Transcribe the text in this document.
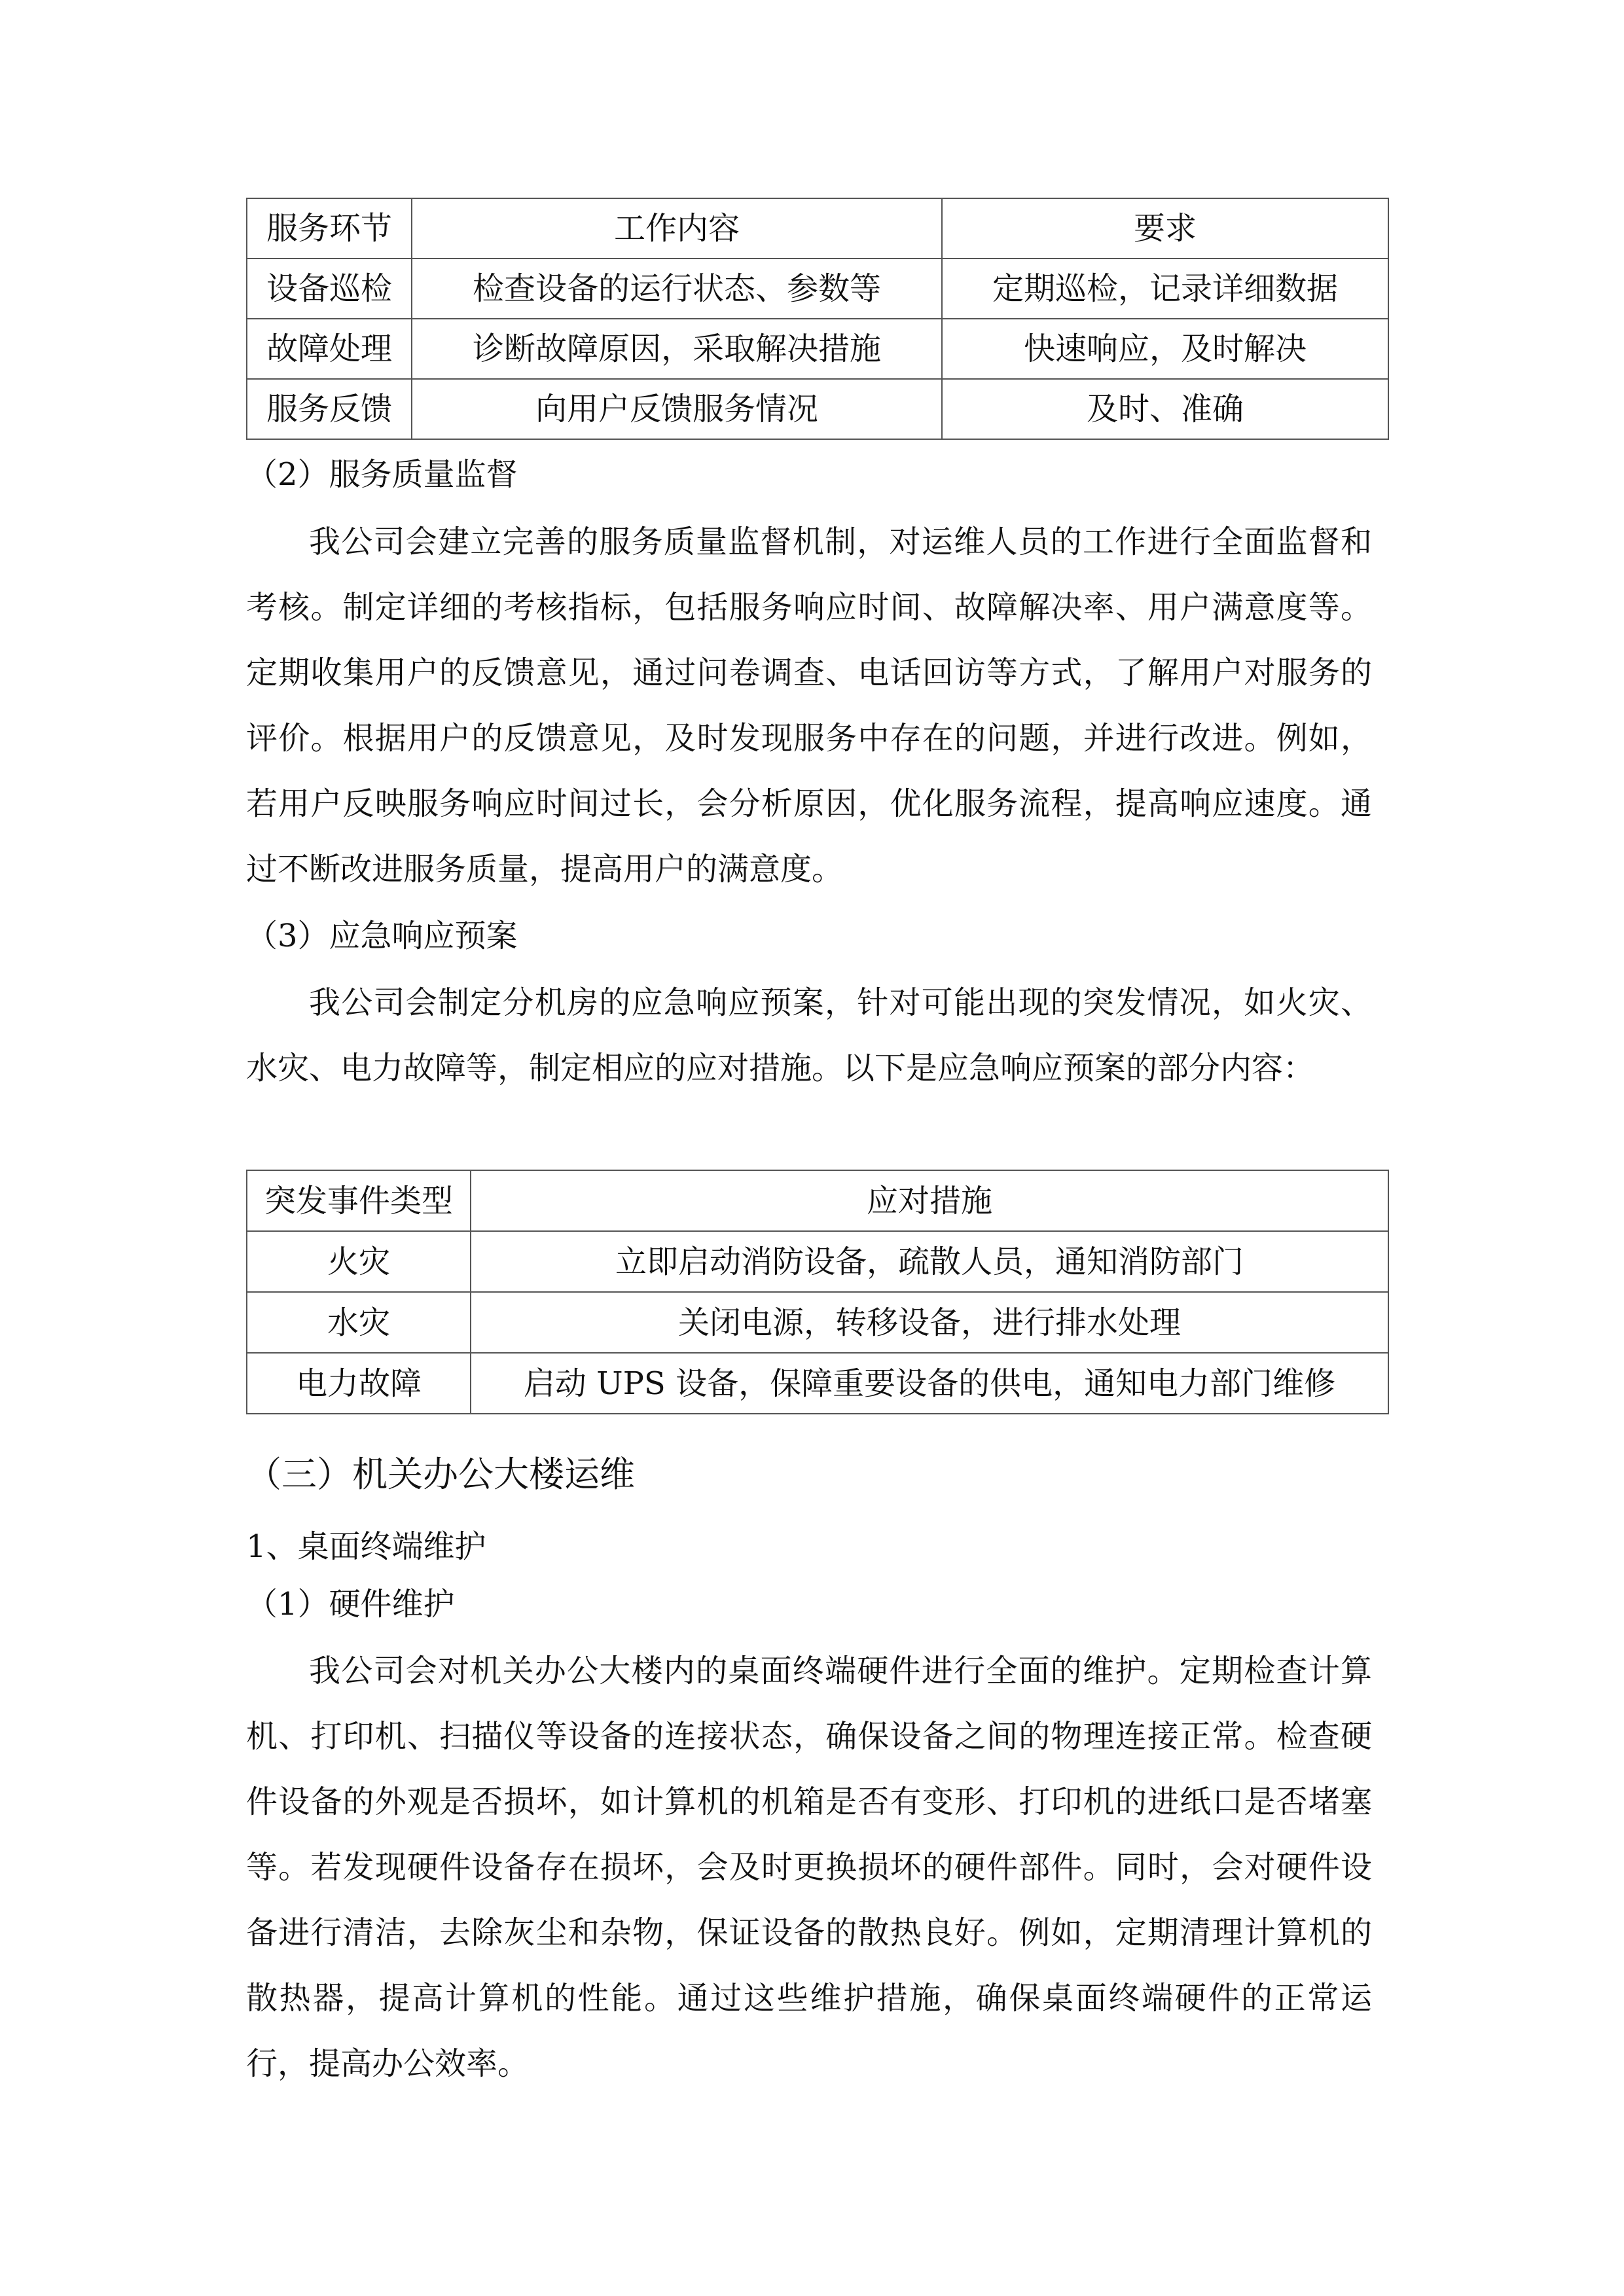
服务环节	工作内容	要求
设备巡检	检查设备的运行状态、参数等	定期巡检，记录详细数据
故障处理	诊断故障原因，采取解决措施	快速响应，及时解决
服务反馈	向用户反馈服务情况	及时、准确
（2）服务质量监督

我公司会建立完善的服务质量监督机制，对运维人员的工作进行全面监督和考核。制定详细的考核指标，包括服务响应时间、故障解决率、用户满意度等。定期收集用户的反馈意见，通过问卷调查、电话回访等方式，了解用户对服务的评价。根据用户的反馈意见，及时发现服务中存在的问题，并进行改进。例如，若用户反映服务响应时间过长，会分析原因，优化服务流程，提高响应速度。通过不断改进服务质量，提高用户的满意度。

（3）应急响应预案

我公司会制定分机房的应急响应预案，针对可能出现的突发情况，如火灾、水灾、电力故障等，制定相应的应对措施。以下是应急响应预案的部分内容：

突发事件类型	应对措施
火灾	立即启动消防设备，疏散人员，通知消防部门
水灾	关闭电源，转移设备，进行排水处理
电力故障	启动 UPS 设备，保障重要设备的供电，通知电力部门维修
（三）机关办公大楼运维
1、桌面终端维护
（1）硬件维护

我公司会对机关办公大楼内的桌面终端硬件进行全面的维护。定期检查计算机、打印机、扫描仪等设备的连接状态，确保设备之间的物理连接正常。检查硬件设备的外观是否损坏，如计算机的机箱是否有变形、打印机的进纸口是否堵塞等。若发现硬件设备存在损坏，会及时更换损坏的硬件部件。同时，会对硬件设备进行清洁，去除灰尘和杂物，保证设备的散热良好。例如，定期清理计算机的散热器，提高计算机的性能。通过这些维护措施，确保桌面终端硬件的正常运行，提高办公效率。
